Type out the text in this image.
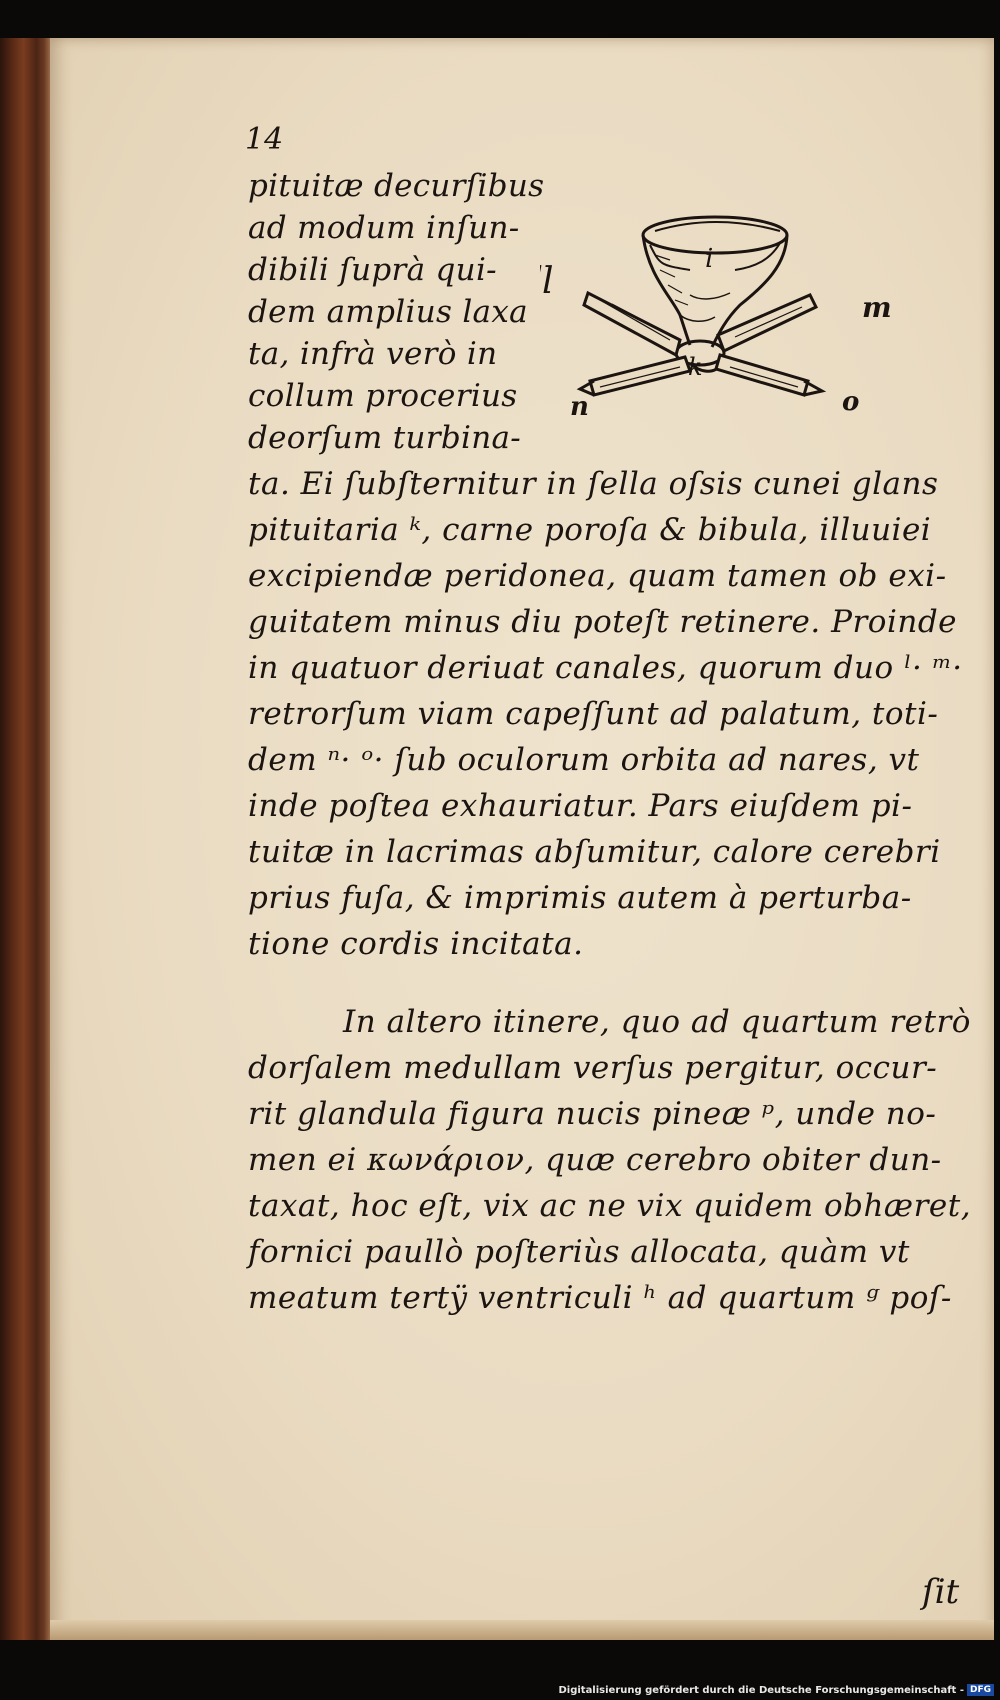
14

pituitæ decurſibus

ad modum inſun-

dibili ſuprà qui-

dem amplius laxa

ta, infrà verò in

collum procerius

deorſum turbina-

ta. Ei ſubſternitur in ſella oſsis cunei glans

pituitaria ᵏ, carne poroſa & bibula, illuuiei

excipiendæ peridonea, quam tamen ob exi-

guitatem minus diu poteſt retinere. Proinde

in quatuor deriuat canales, quorum duo ˡ· ᵐ·

retrorſum viam capeſſunt ad palatum, toti-

dem ⁿ· ᵒ· ſub oculorum orbita ad nares, vt

inde poſtea exhauriatur. Pars eiuſdem pi-

tuitæ in lacrimas abſumitur, calore cerebri

prius fuſa, & imprimis autem à perturba-

tione cordis incitata.

In altero itinere, quo ad quartum retrò

dorſalem medullam verſus pergitur, occur-

rit glandula figura nucis pineæ ᵖ, unde no-

men ei κωνάριον, quæ cerebro obiter dun-

taxat, hoc eſt, vix ac ne vix quidem obhæret,

fornici paullò poſteriùs allocata, quàm vt

meatum tertÿ ventriculi ʰ ad quartum ᵍ poſ-

ſit

i
k
l
m
n	o
Digitalisierung gefördert durch die Deutsche Forschungsgemeinschaft - DFG
